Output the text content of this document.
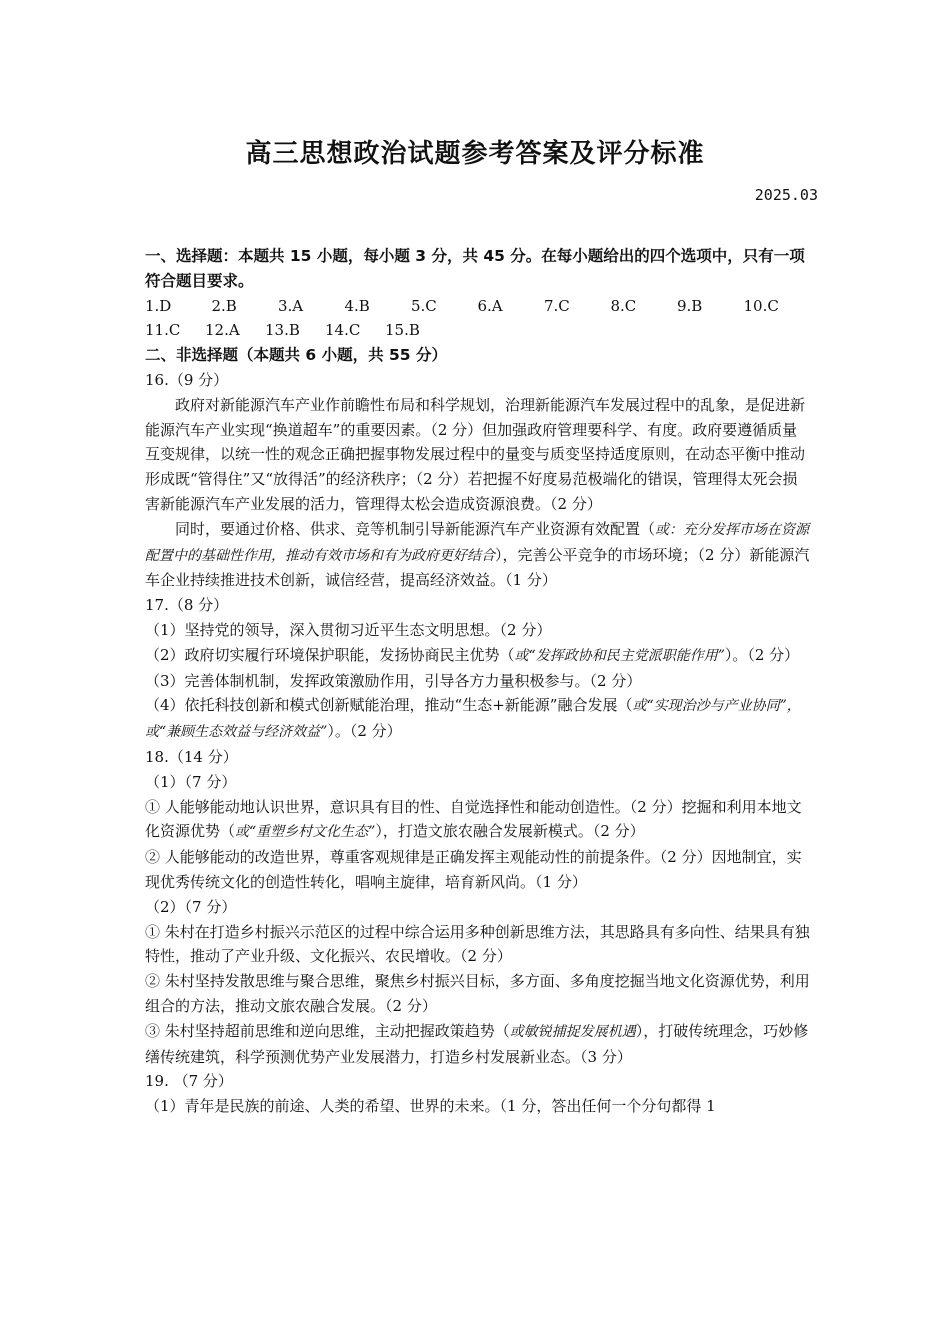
高三思想政治试题参考答案及评分标准
2025.03

一、选择题：本题共 15 小题，每小题 3 分，共 45 分。在每小题给出的四个选项中，只有一项符合题目要求。

1.D	2.B	3.A	4.B	5.C	6.A	7.C	8.C	9.B	10.C
11.C	12.A	13.B	14.C	15.B

二、非选择题（本题共 6 小题，共 55 分）

16.（9 分）

政府对新能源汽车产业作前瞻性布局和科学规划，治理新能源汽车发展过程中的乱象，是促进新能源汽车产业实现“换道超车”的重要因素。（2 分）但加强政府管理要科学、有度。政府要遵循质量互变规律，以统一性的观念正确把握事物发展过程中的量变与质变坚持适度原则，在动态平衡中推动形成既“管得住”又“放得活”的经济秩序；（2 分）若把握不好度易范极端化的错误，管理得太死会损害新能源汽车产业发展的活力，管理得太松会造成资源浪费。（2 分）

同时，要通过价格、供求、竞等机制引导新能源汽车产业资源有效配置（或：充分发挥市场在资源配置中的基础性作用，推动有效市场和有为政府更好结合），完善公平竞争的市场环境；（2 分）新能源汽车企业持续推进技术创新，诚信经营，提高经济效益。（1 分）

17.（8 分）

（1）坚持党的领导，深入贯彻习近平生态文明思想。（2 分）

（2）政府切实履行环境保护职能，发扬协商民主优势（或“发挥政协和民主党派职能作用”）。（2 分）

（3）完善体制机制，发挥政策激励作用，引导各方力量积极参与。（2 分）

（4）依托科技创新和模式创新赋能治理，推动“生态+新能源”融合发展（或“实现治沙与产业协同”，或“兼顾生态效益与经济效益”）。（2 分）

18.（14 分）

（1）（7 分）

① 人能够能动地认识世界，意识具有目的性、自觉选择性和能动创造性。（2 分）挖掘和利用本地文化资源优势（或“重塑乡村文化生态”），打造文旅农融合发展新模式。（2 分）

② 人能够能动的改造世界，尊重客观规律是正确发挥主观能动性的前提条件。（2 分）因地制宜，实现优秀传统文化的创造性转化，唱响主旋律，培育新风尚。（1 分）

（2）（7 分）

① 朱村在打造乡村振兴示范区的过程中综合运用多种创新思维方法，其思路具有多向性、结果具有独特性，推动了产业升级、文化振兴、农民增收。（2 分）

② 朱村坚持发散思维与聚合思维，聚焦乡村振兴目标，多方面、多角度挖掘当地文化资源优势，利用组合的方法，推动文旅农融合发展。（2 分）

③ 朱村坚持超前思维和逆向思维，主动把握政策趋势（或敏锐捕捉发展机遇），打破传统理念，巧妙修缮传统建筑，科学预测优势产业发展潜力，打造乡村发展新业态。（3 分）

19. （7 分）

（1）青年是民族的前途、人类的希望、世界的未来。（1 分，答出任何一个分句都得 1
